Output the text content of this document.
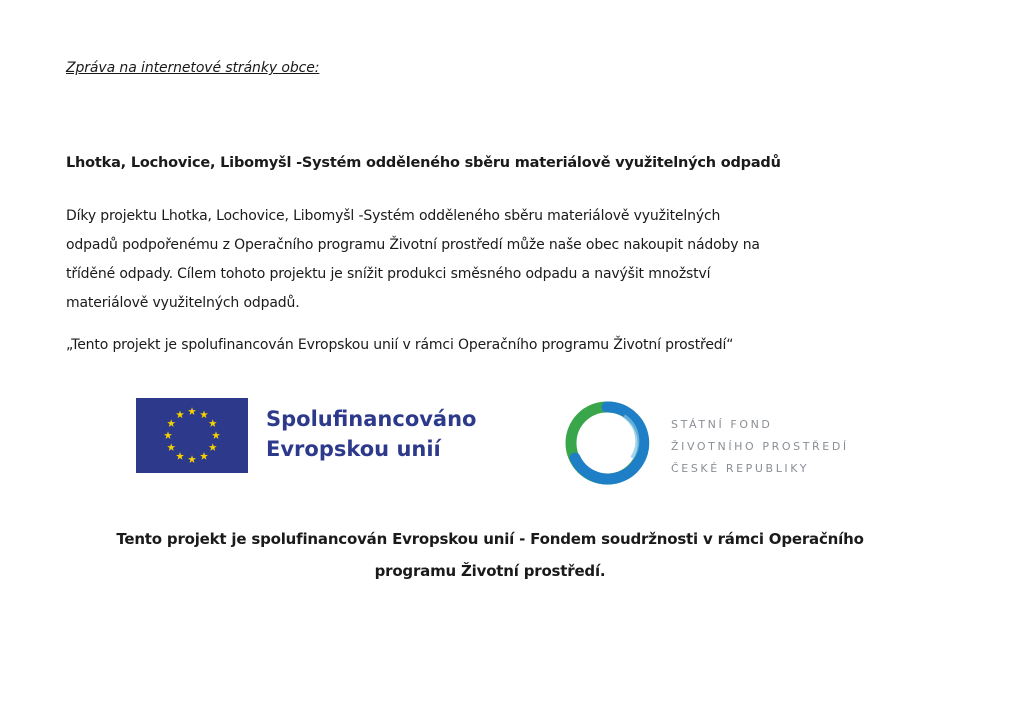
Zpráva na internetové stránky obce:

Lhotka, Lochovice, Libomyšl -Systém odděleného sběru materiálově využitelných odpadů
Díky projektu Lhotka, Lochovice, Libomyšl -Systém odděleného sběru materiálově využitelných
odpadů podpořenému z Operačního programu Životní prostředí může naše obec nakoupit nádoby na
tříděné odpady. Cílem tohoto projektu je snížit produkci směsného odpadu a navýšit množství
materiálově využitelných odpadů.

„Tento projekt je spolufinancován Evropskou unií v rámci Operačního programu Životní prostředí“

Spolufinancováno
Evropskou unií
STÁTNÍ FOND
ŽIVOTNÍHO PROSTŘEDÍ
ČESKÉ REPUBLIKY
Tento projekt je spolufinancován Evropskou unií - Fondem soudržnosti v rámci Operačního
programu Životní prostředí.
